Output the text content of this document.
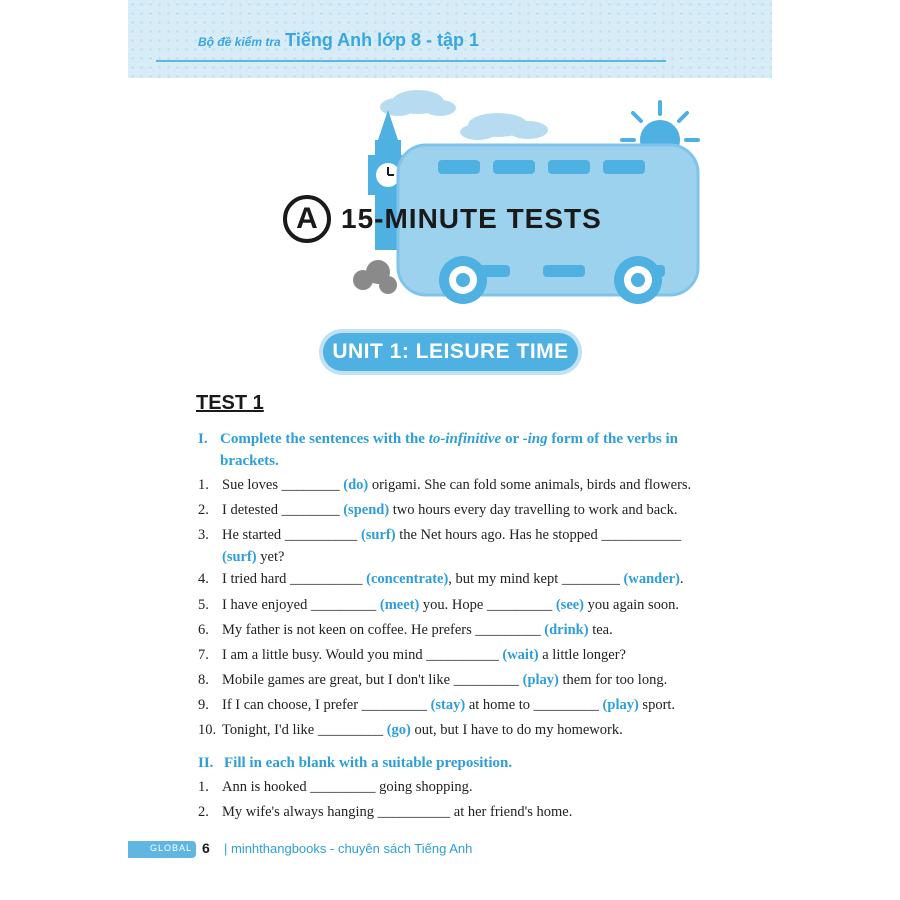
Bộ đề kiểm tra Tiếng Anh lớp 8 - tập 1
A 15-MINUTE TESTS
UNIT 1: LEISURE TIME
TEST 1
I. Complete the sentences with the to-infinitive or -ing form of the verbs in brackets.
1. Sue loves ________ (do) origami. She can fold some animals, birds and flowers.
2. I detested ________ (spend) two hours every day travelling to work and back.
3. He started __________ (surf) the Net hours ago. Has he stopped ___________ (surf) yet?
4. I tried hard __________ (concentrate), but my mind kept ________ (wander).
5. I have enjoyed _________ (meet) you. Hope _________ (see) you again soon.
6. My father is not keen on coffee. He prefers _________ (drink) tea.
7. I am a little busy. Would you mind __________ (wait) a little longer?
8. Mobile games are great, but I don't like _________ (play) them for too long.
9. If I can choose, I prefer _________ (stay) at home to _________ (play) sport.
10. Tonight, I'd like _________ (go) out, but I have to do my homework.
II. Fill in each blank with a suitable preposition.
1. Ann is hooked _________ going shopping.
2. My wife's always hanging __________ at her friend's home.
GLOBAL 6 | minhthangbooks - chuyên sách Tiếng Anh
